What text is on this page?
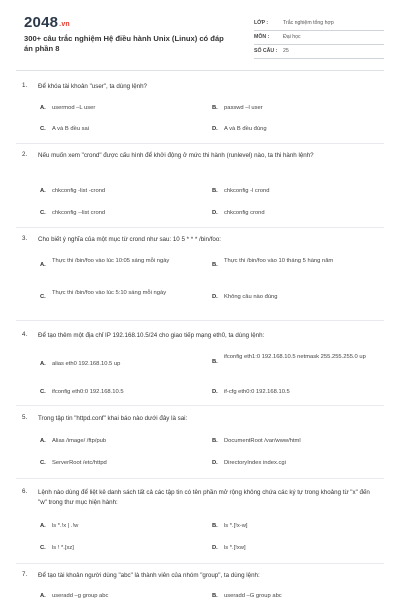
2048.vn
300+ câu trắc nghiệm Hệ điều hành Unix (Linux) có đáp án phần 8
LỚP :	Trắc nghiệm tổng hợp
MÔN :	Đại học
SỐ CÂU : 25
1. Để khóa tài khoản "user", ta dùng lệnh?
A. usermod –L user	B. passwd –l user
C. A và B đều sai	D. A và B đều đúng
2. Nếu muốn xem "crond" được cấu hình để khởi động ở mức thi hành (runlevel) nào, ta thi hành lệnh?
A. chkconfig -list -crond	B. chkconfig -l crond
C. chkconfig --list crond	D. chkconfig crond
3. Cho biết ý nghĩa của một mục từ crond như sau: 10 5 * * * /bin/foo:
A.
Thực thi /bin/foo vào lúc 10:05 sáng mỗi ngày
B.
Thực thi /bin/foo vào 10 tháng 5 hàng năm
C.
Thực thi /bin/foo vào lúc 5:10 sáng mỗi ngày
D. Không câu nào đúng
4. Để tạo thêm một địa chỉ IP 192.168.10.5/24 cho giao tiếp mạng eth0, ta dùng lệnh:
A. alias eth0 192.168.10.5 up	B.
ifconfig eth1:0 192.168.10.5 netmask 255.255.255.0 up
C. ifconfig eth0:0 192.168.10.5	D. if-cfg eth0:0 192.168.10.5
5. Trong tập tin "httpd.conf" khai báo nào dưới đây là sai:
A. Alias /image/ /ftp/pub	B. DocumentRoot /var/www/html
C. ServerRoot /etc/httpd	D. DirectoryIndex index.cgi
6. Lệnh nào dùng để liệt kê danh sách tất cả các tập tin có tên phần mở rộng không chứa các ký tự trong khoảng từ "x" đến "w" trong thư mục hiện hành:
A. ls *.!x | .!w	B. ls *.[!x-w]
C. ls ! *.[xz]	D. ls *.[!xw]
7. Để tạo tài khoản người dùng "abc" là thành viên của nhóm "group", ta dùng lệnh:
A. useradd –g group abc	B. useradd –G group abc
